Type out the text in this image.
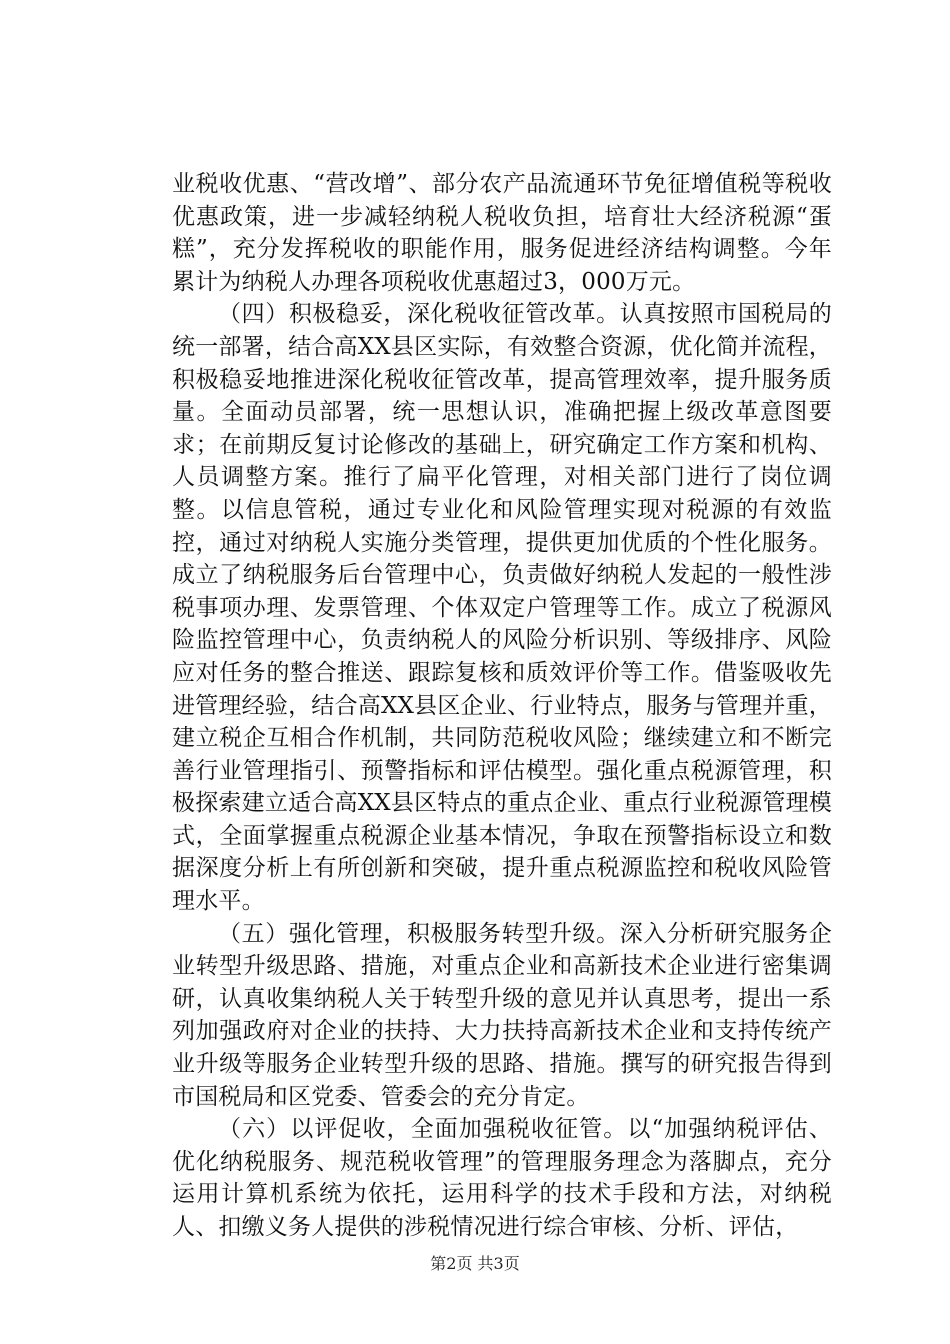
业税收优惠、“营改增”、部分农产品流通环节免征增值税等税收优惠政策，进一步减轻纳税人税收负担，培育壮大经济税源“蛋糕”，充分发挥税收的职能作用，服务促进经济结构调整。今年累计为纳税人办理各项税收优惠超过3，000万元。

（四）积极稳妥，深化税收征管改革。认真按照市国税局的统一部署，结合高XX县区实际，有效整合资源，优化简并流程，积极稳妥地推进深化税收征管改革，提高管理效率，提升服务质量。全面动员部署，统一思想认识，准确把握上级改革意图要求；在前期反复讨论修改的基础上，研究确定工作方案和机构、人员调整方案。推行了扁平化管理，对相关部门进行了岗位调整。以信息管税，通过专业化和风险管理实现对税源的有效监控，通过对纳税人实施分类管理，提供更加优质的个性化服务。成立了纳税服务后台管理中心，负责做好纳税人发起的一般性涉税事项办理、发票管理、个体双定户管理等工作。成立了税源风险监控管理中心，负责纳税人的风险分析识别、等级排序、风险应对任务的整合推送、跟踪复核和质效评价等工作。借鉴吸收先进管理经验，结合高XX县区企业、行业特点，服务与管理并重，建立税企互相合作机制，共同防范税收风险；继续建立和不断完善行业管理指引、预警指标和评估模型。强化重点税源管理，积极探索建立适合高XX县区特点的重点企业、重点行业税源管理模式，全面掌握重点税源企业基本情况，争取在预警指标设立和数据深度分析上有所创新和突破，提升重点税源监控和税收风险管理水平。

（五）强化管理，积极服务转型升级。深入分析研究服务企业转型升级思路、措施，对重点企业和高新技术企业进行密集调研，认真收集纳税人关于转型升级的意见并认真思考，提出一系列加强政府对企业的扶持、大力扶持高新技术企业和支持传统产业升级等服务企业转型升级的思路、措施。撰写的研究报告得到市国税局和区党委、管委会的充分肯定。

（六）以评促收，全面加强税收征管。以“加强纳税评估、优化纳税服务、规范税收管理”的管理服务理念为落脚点，充分运用计算机系统为依托，运用科学的技术手段和方法，对纳税人、扣缴义务人提供的涉税情况进行综合审核、分析、评估，

第2页 共3页
